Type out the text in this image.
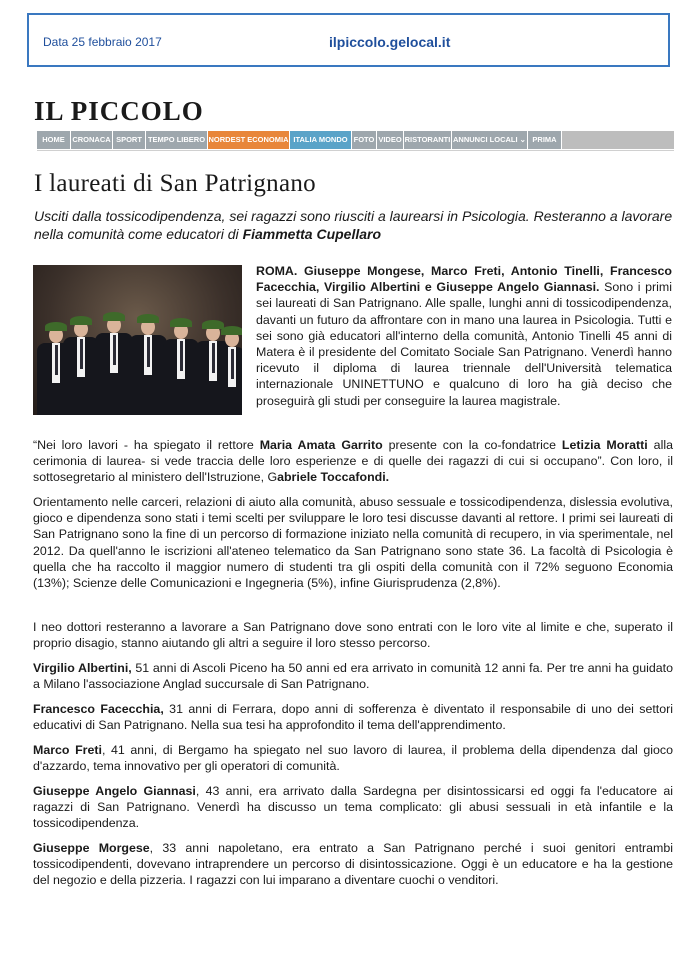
Data 25 febbraio 2017	ilpiccolo.gelocal.it
IL PICCOLO
HOME	CRONACA SPORT TEMPO LIBERO NORDEST ECONOMIA ITALIA MONDO FOTO VIDEO RISTORANTI ANNUNCI LOCALI ⌄ PRIMA
I laureati di San Patrignano
Usciti dalla tossicodipendenza, sei ragazzi sono riusciti a laurearsi in Psicologia. Resteranno a lavorare nella comunità come educatori di Fiammetta Cupellaro
ROMA. Giuseppe Mongese, Marco Freti, Antonio Tinelli, Francesco Facecchia, Virgilio Albertini e Giuseppe Angelo Giannasi. Sono i primi sei laureati di San Patrignano. Alle spalle, lunghi anni di tossicodipendenza, davanti un futuro da affrontare con in mano una laurea in Psicologia. Tutti e sei sono già educatori all'interno della comunità, Antonio Tinelli 45 anni di Matera è il presidente del Comitato Sociale San Patrignano. Venerdì hanno ricevuto il diploma di laurea triennale dell'Università telematica internazionale UNINETTUNO e qualcuno di loro ha già deciso che proseguirà gli studi per conseguire la laurea magistrale.
“Nei loro lavori - ha spiegato il rettore Maria Amata Garrito presente con la co-fondatrice Letizia Moratti alla cerimonia di laurea- si vede traccia delle loro esperienze e di quelle dei ragazzi di cui si occupano”. Con loro, il sottosegretario al ministero dell'Istruzione, Gabriele Toccafondi.
Orientamento nelle carceri, relazioni di aiuto alla comunità, abuso sessuale e tossicodipendenza, dislessia evolutiva, gioco e dipendenza sono stati i temi scelti per sviluppare le loro tesi discusse davanti al rettore. I primi sei laureati di San Patrignano sono la fine di un percorso di formazione iniziato nella comunità di recupero, in via sperimentale, nel 2012. Da quell'anno le iscrizioni all'ateneo telematico da San Patrignano sono state 36. La facoltà di Psicologia è quella che ha raccolto il maggior numero di studenti tra gli ospiti della comunità con il 72% seguono Economia (13%); Scienze delle Comunicazioni e Ingegneria (5%), infine Giurisprudenza (2,8%).
I neo dottori resteranno a lavorare a San Patrignano dove sono entrati con le loro vite al limite e che, superato il proprio disagio, stanno aiutando gli altri a seguire il loro stesso percorso.
Virgilio Albertini, 51 anni di Ascoli Piceno ha 50 anni ed era arrivato in comunità 12 anni fa. Per tre anni ha guidato a Milano l'associazione Anglad succursale di San Patrignano.
Francesco Facecchia, 31 anni di Ferrara, dopo anni di sofferenza è diventato il responsabile di uno dei settori educativi di San Patrignano. Nella sua tesi ha approfondito il tema dell'apprendimento.
Marco Freti, 41 anni, di Bergamo ha spiegato nel suo lavoro di laurea, il problema della dipendenza dal gioco d'azzardo, tema innovativo per gli operatori di comunità.
Giuseppe Angelo Giannasi, 43 anni, era arrivato dalla Sardegna per disintossicarsi ed oggi fa l'educatore ai ragazzi di San Patrignano. Venerdì ha discusso un tema complicato: gli abusi sessuali in età infantile e la tossicodipendenza.
Giuseppe Morgese, 33 anni napoletano, era entrato a San Patrignano perché i suoi genitori entrambi tossicodipendenti, dovevano intraprendere un percorso di disintossicazione. Oggi è un educatore e ha la gestione del negozio e della pizzeria. I ragazzi con lui imparano a diventare cuochi o venditori.
